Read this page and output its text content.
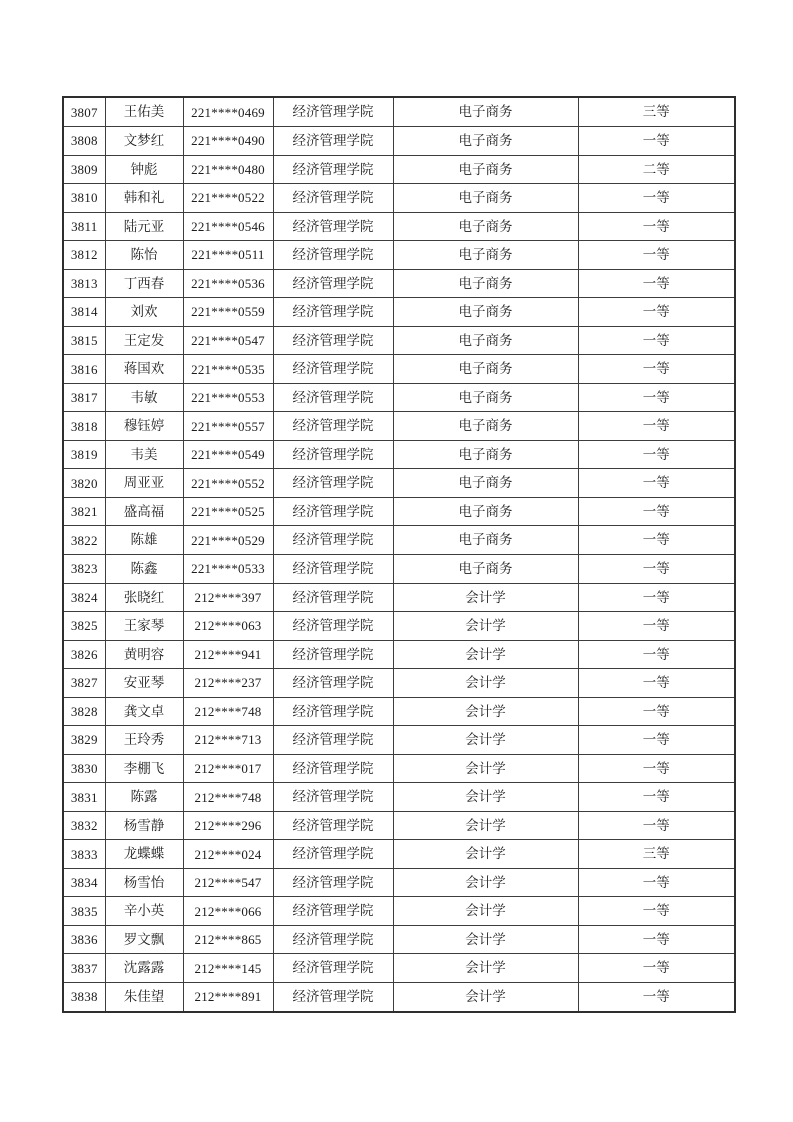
3807	王佑美	221****0469	经济管理学院	电子商务	三等
3808	文梦红	221****0490	经济管理学院	电子商务	一等
3809	钟彪	221****0480	经济管理学院	电子商务	二等
3810	韩和礼	221****0522	经济管理学院	电子商务	一等
3811	陆元亚	221****0546	经济管理学院	电子商务	一等
3812	陈怡	221****0511	经济管理学院	电子商务	一等
3813	丁西春	221****0536	经济管理学院	电子商务	一等
3814	刘欢	221****0559	经济管理学院	电子商务	一等
3815	王定发	221****0547	经济管理学院	电子商务	一等
3816	蒋国欢	221****0535	经济管理学院	电子商务	一等
3817	韦敏	221****0553	经济管理学院	电子商务	一等
3818	穆钰婷	221****0557	经济管理学院	电子商务	一等
3819	韦美	221****0549	经济管理学院	电子商务	一等
3820	周亚亚	221****0552	经济管理学院	电子商务	一等
3821	盛高福	221****0525	经济管理学院	电子商务	一等
3822	陈雄	221****0529	经济管理学院	电子商务	一等
3823	陈鑫	221****0533	经济管理学院	电子商务	一等
3824	张晓红	212****397	经济管理学院	会计学	一等
3825	王家琴	212****063	经济管理学院	会计学	一等
3826	黄明容	212****941	经济管理学院	会计学	一等
3827	安亚琴	212****237	经济管理学院	会计学	一等
3828	龚文卓	212****748	经济管理学院	会计学	一等
3829	王玲秀	212****713	经济管理学院	会计学	一等
3830	李棚飞	212****017	经济管理学院	会计学	一等
3831	陈露	212****748	经济管理学院	会计学	一等
3832	杨雪静	212****296	经济管理学院	会计学	一等
3833	龙蝶蝶	212****024	经济管理学院	会计学	三等
3834	杨雪怡	212****547	经济管理学院	会计学	一等
3835	辛小英	212****066	经济管理学院	会计学	一等
3836	罗文飘	212****865	经济管理学院	会计学	一等
3837	沈露露	212****145	经济管理学院	会计学	一等
3838	朱佳望	212****891	经济管理学院	会计学	一等
